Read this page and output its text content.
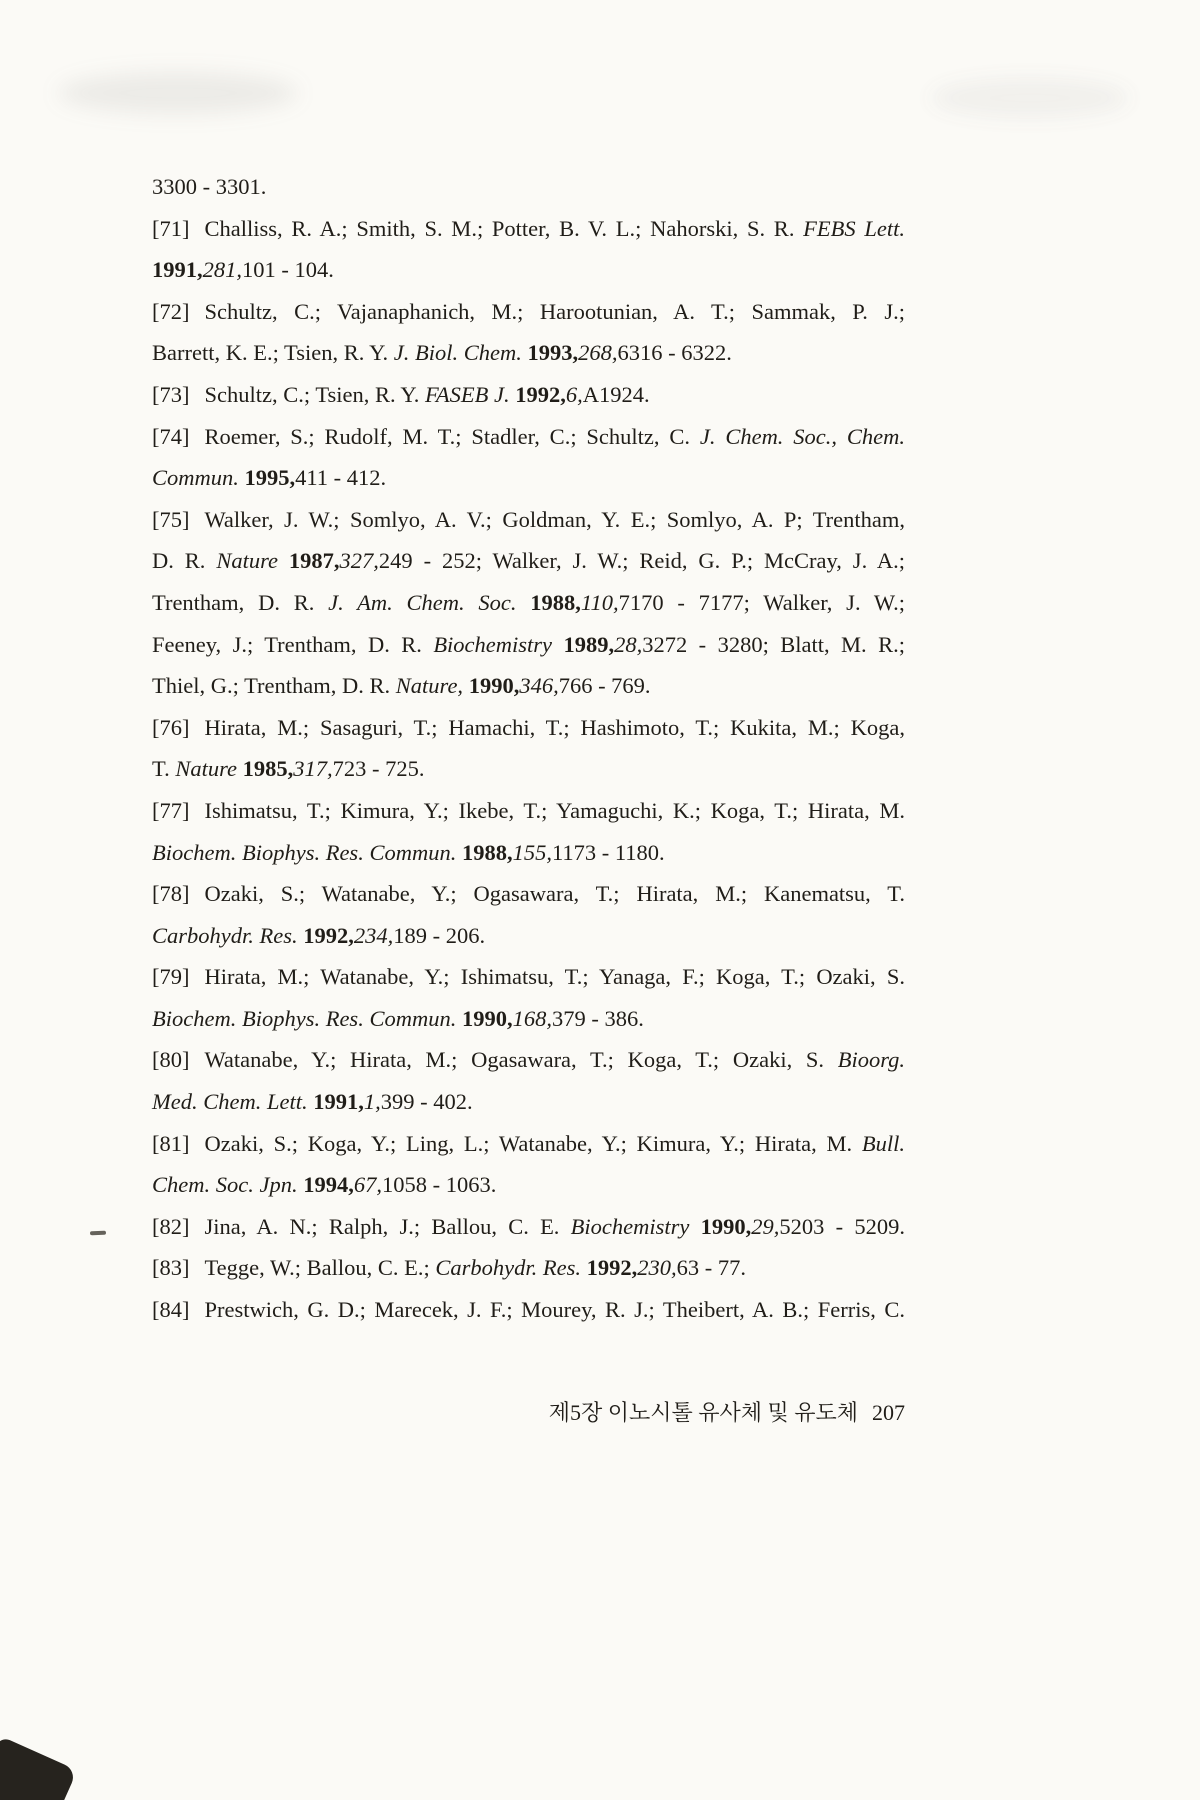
3300 - 3301.
[71] Challiss, R. A.; Smith, S. M.; Potter, B. V. L.; Nahorski, S. R. FEBS Lett.
1991,281,101 - 104.
[72] Schultz, C.; Vajanaphanich, M.; Harootunian, A. T.; Sammak, P. J.;
Barrett, K. E.; Tsien, R. Y. J. Biol. Chem. 1993,268,6316 - 6322.
[73] Schultz, C.; Tsien, R. Y. FASEB J. 1992,6,A1924.
[74] Roemer, S.; Rudolf, M. T.; Stadler, C.; Schultz, C. J. Chem. Soc., Chem.
Commun. 1995,411 - 412.
[75] Walker, J. W.; Somlyo, A. V.; Goldman, Y. E.; Somlyo, A. P; Trentham,
D. R. Nature 1987,327,249 - 252; Walker, J. W.; Reid, G. P.; McCray, J. A.;
Trentham, D. R. J. Am. Chem. Soc. 1988,110,7170 - 7177; Walker, J. W.;
Feeney, J.; Trentham, D. R. Biochemistry 1989,28,3272 - 3280; Blatt, M. R.;
Thiel, G.; Trentham, D. R. Nature, 1990,346,766 - 769.
[76] Hirata, M.; Sasaguri, T.; Hamachi, T.; Hashimoto, T.; Kukita, M.; Koga,
T. Nature 1985,317,723 - 725.
[77] Ishimatsu, T.; Kimura, Y.; Ikebe, T.; Yamaguchi, K.; Koga, T.; Hirata, M.
Biochem. Biophys. Res. Commun. 1988,155,1173 - 1180.
[78] Ozaki, S.; Watanabe, Y.; Ogasawara, T.; Hirata, M.; Kanematsu, T.
Carbohydr. Res. 1992,234,189 - 206.
[79] Hirata, M.; Watanabe, Y.; Ishimatsu, T.; Yanaga, F.; Koga, T.; Ozaki, S.
Biochem. Biophys. Res. Commun. 1990,168,379 - 386.
[80] Watanabe, Y.; Hirata, M.; Ogasawara, T.; Koga, T.; Ozaki, S. Bioorg.
Med. Chem. Lett. 1991,1,399 - 402.
[81] Ozaki, S.; Koga, Y.; Ling, L.; Watanabe, Y.; Kimura, Y.; Hirata, M. Bull.
Chem. Soc. Jpn. 1994,67,1058 - 1063.
[82] Jina, A. N.; Ralph, J.; Ballou, C. E. Biochemistry 1990,29,5203 - 5209.
[83] Tegge, W.; Ballou, C. E.; Carbohydr. Res. 1992,230,63 - 77.
[84] Prestwich, G. D.; Marecek, J. F.; Mourey, R. J.; Theibert, A. B.; Ferris, C.
제5장 이노시톨 유사체 및 유도체 207
